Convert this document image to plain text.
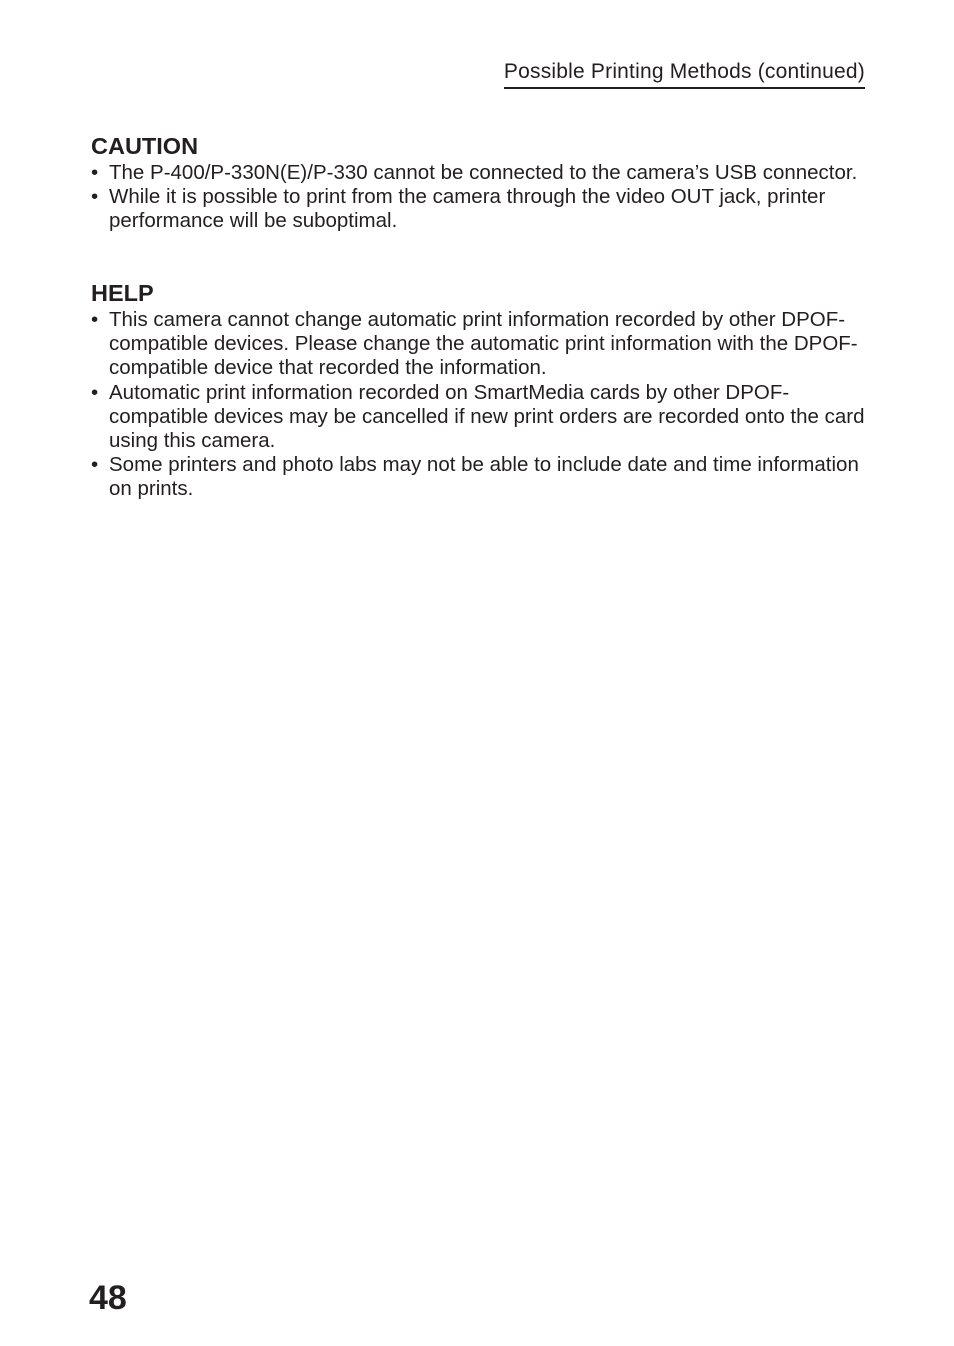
Possible Printing Methods (continued)
CAUTION
• The P-400/P-330N(E)/P-330 cannot be connected to the camera’s USB connector.
• While it is possible to print from the camera through the video OUT jack, printer performance will be suboptimal.
HELP
• This camera cannot change automatic print information recorded by other DPOF-compatible devices. Please change the automatic print information with the DPOF-compatible device that recorded the information.
• Automatic print information recorded on SmartMedia cards by other DPOF-compatible devices may be cancelled if new print orders are recorded onto the card using this camera.
• Some printers and photo labs may not be able to include date and time information on prints.
48
